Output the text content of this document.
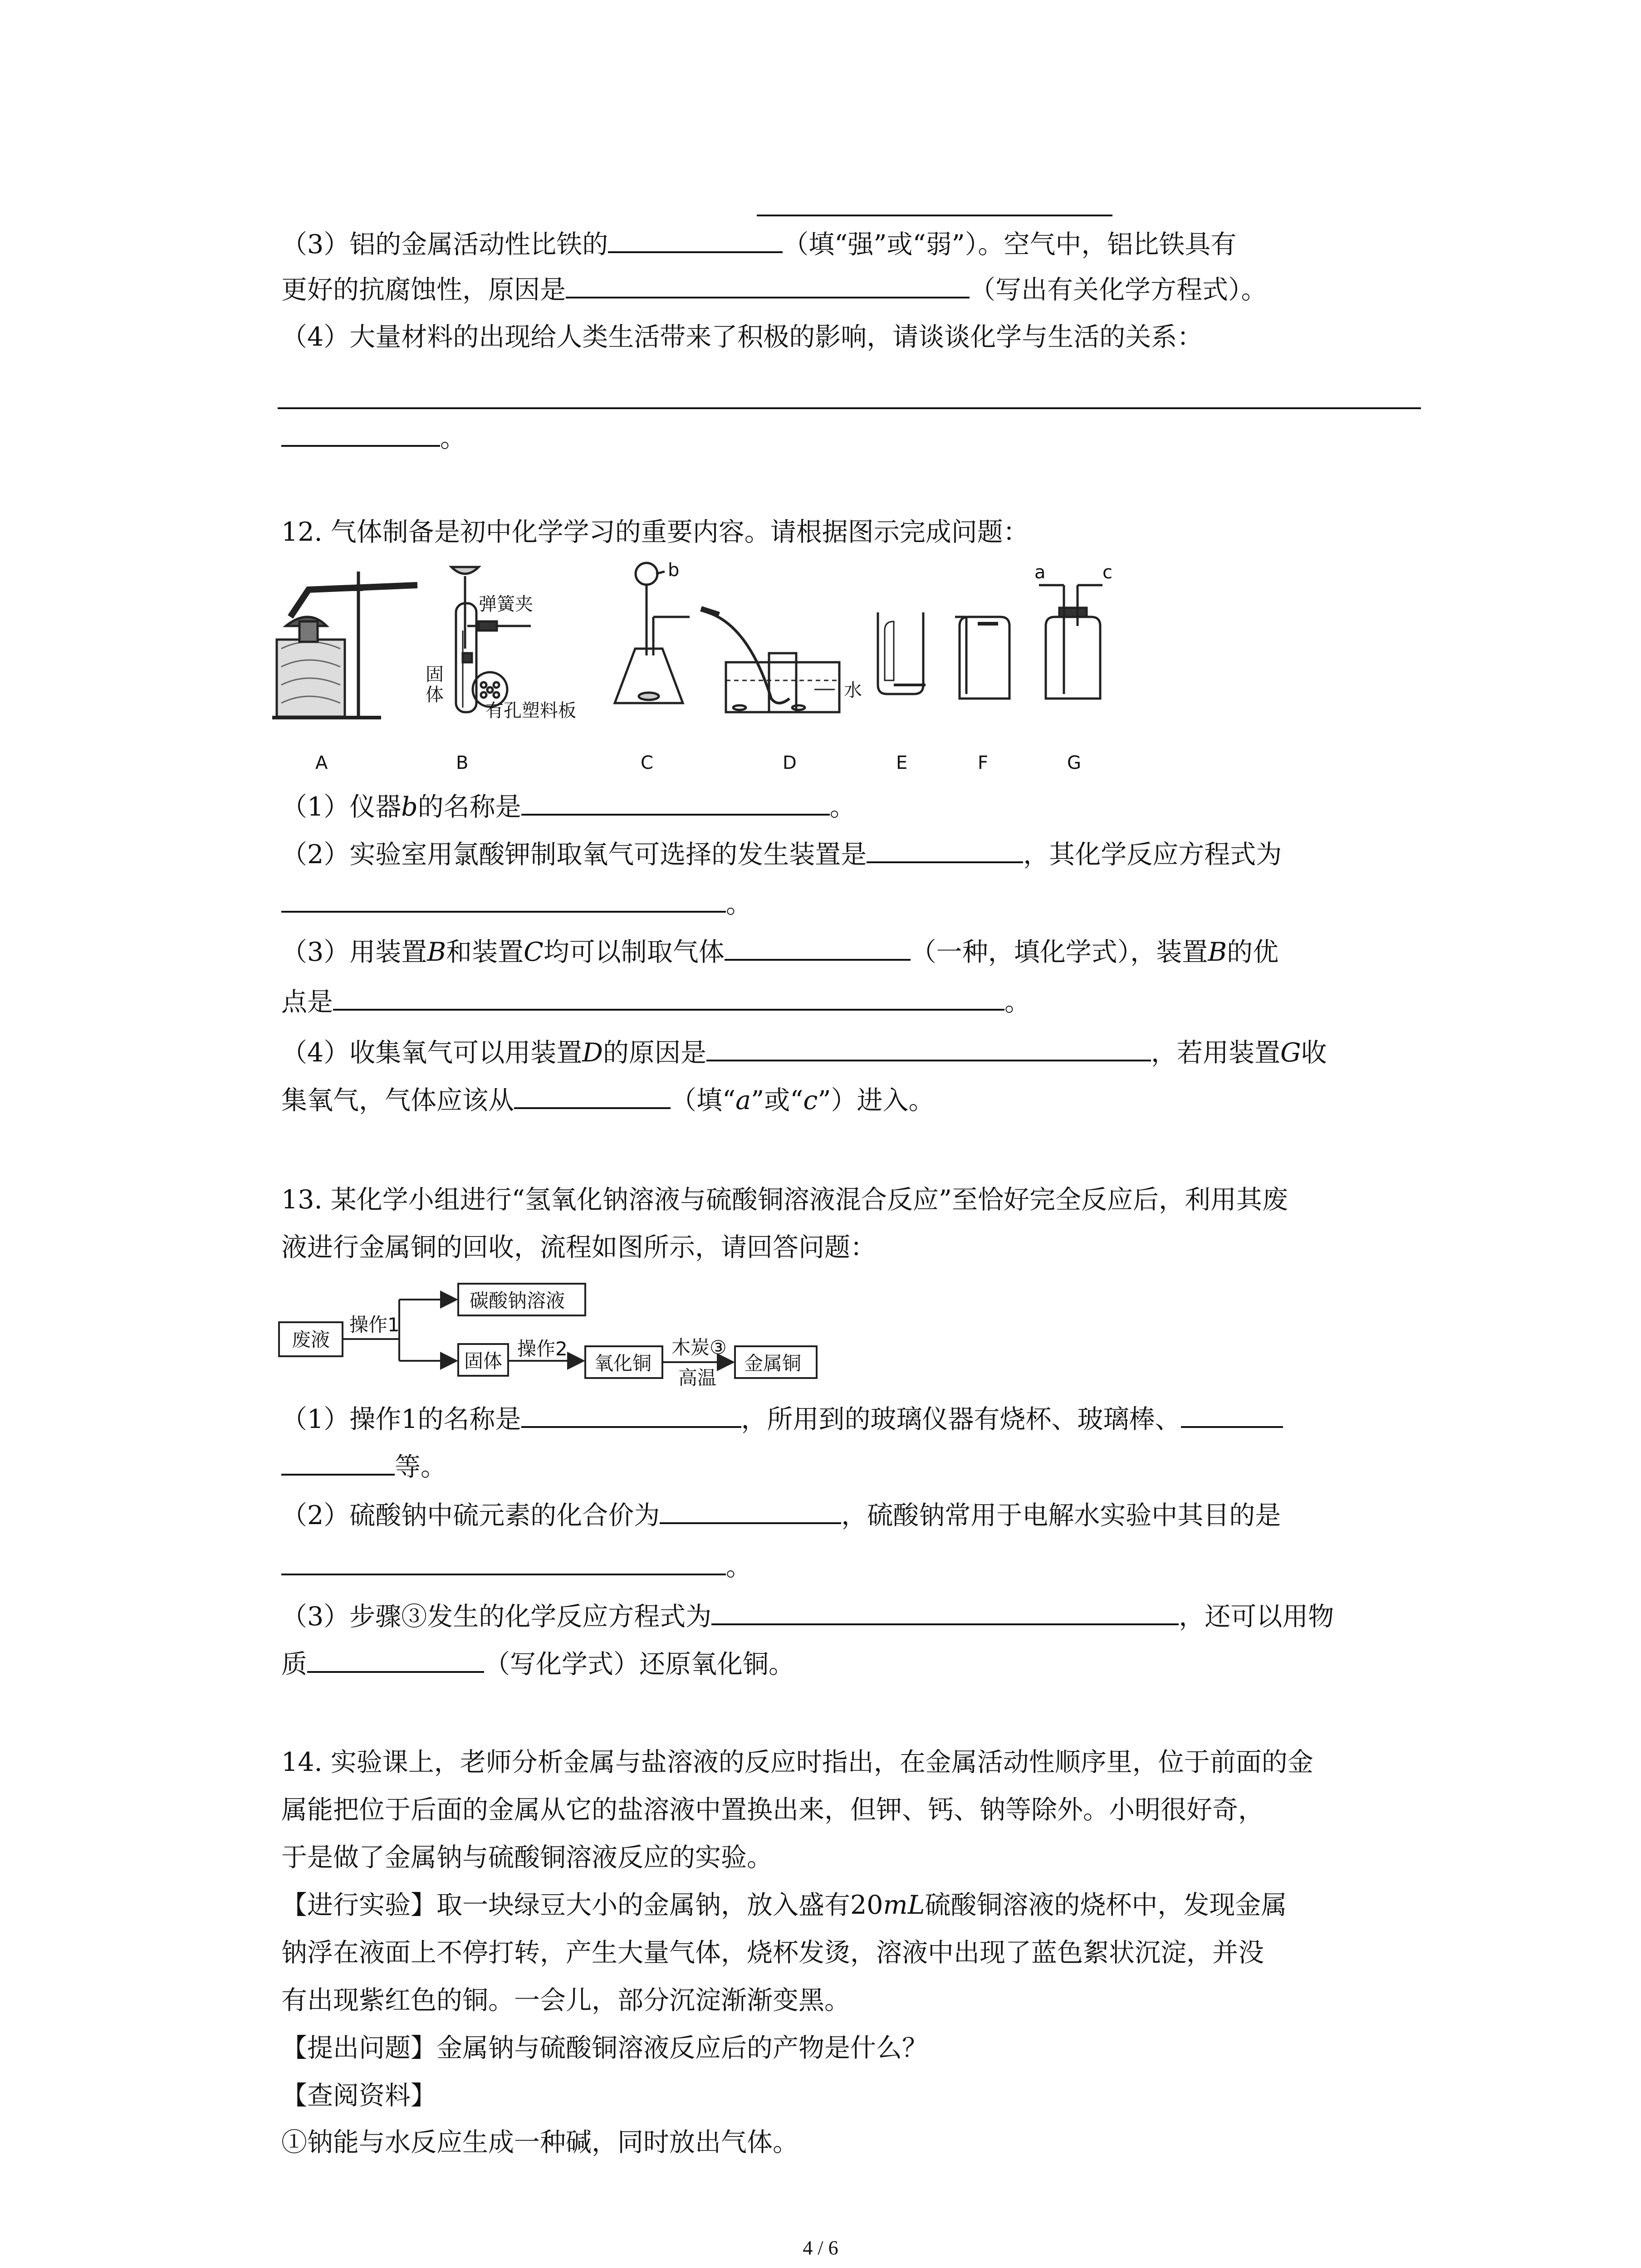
（3）铝的金属活动性比铁的	（填“强”或“弱”）。空气中，铝比铁具有
更好的抗腐蚀性，原因是	（写出有关化学方程式）。
（4）大量材料的出现给人类生活带来了积极的影响，请谈谈化学与生活的关系：
。
12. 气体制备是初中化学学习的重要内容。请根据图示完成问题：
弹簧夹
固
体
有孔塑料板
b
水
a	c
A	B	C	D	E	F	G
（1）仪器b的名称是	。
（2）实验室用氯酸钾制取氧气可选择的发生装置是	，其化学反应方程式为
。
（3）用装置B和装置C均可以制取气体	（一种，填化学式），装置B的优
点是	。
（4）收集氧气可以用装置D的原因是	，若用装置G收
集氧气，气体应该从	（填“a”或“c”）进入。
13. 某化学小组进行“氢氧化钠溶液与硫酸铜溶液混合反应”至恰好完全反应后，利用其废
液进行金属铜的回收，流程如图所示，请回答问题：
废液
操作1
碳酸钠溶液
固体
操作2
氧化铜
木炭③
高温
金属铜
（1）操作1的名称是	，所用到的玻璃仪器有烧杯、玻璃棒、
等。
（2）硫酸钠中硫元素的化合价为	，硫酸钠常用于电解水实验中其目的是
。
（3）步骤③发生的化学反应方程式为	，还可以用物
质	（写化学式）还原氧化铜。
14. 实验课上，老师分析金属与盐溶液的反应时指出，在金属活动性顺序里，位于前面的金
属能把位于后面的金属从它的盐溶液中置换出来，但钾、钙、钠等除外。小明很好奇，
于是做了金属钠与硫酸铜溶液反应的实验。
【进行实验】取一块绿豆大小的金属钠，放入盛有20mL硫酸铜溶液的烧杯中，发现金属
钠浮在液面上不停打转，产生大量气体，烧杯发烫，溶液中出现了蓝色絮状沉淀，并没
有出现紫红色的铜。一会儿，部分沉淀渐渐变黑。
【提出问题】金属钠与硫酸铜溶液反应后的产物是什么？
【查阅资料】
①钠能与水反应生成一种碱，同时放出气体。
4 / 6
